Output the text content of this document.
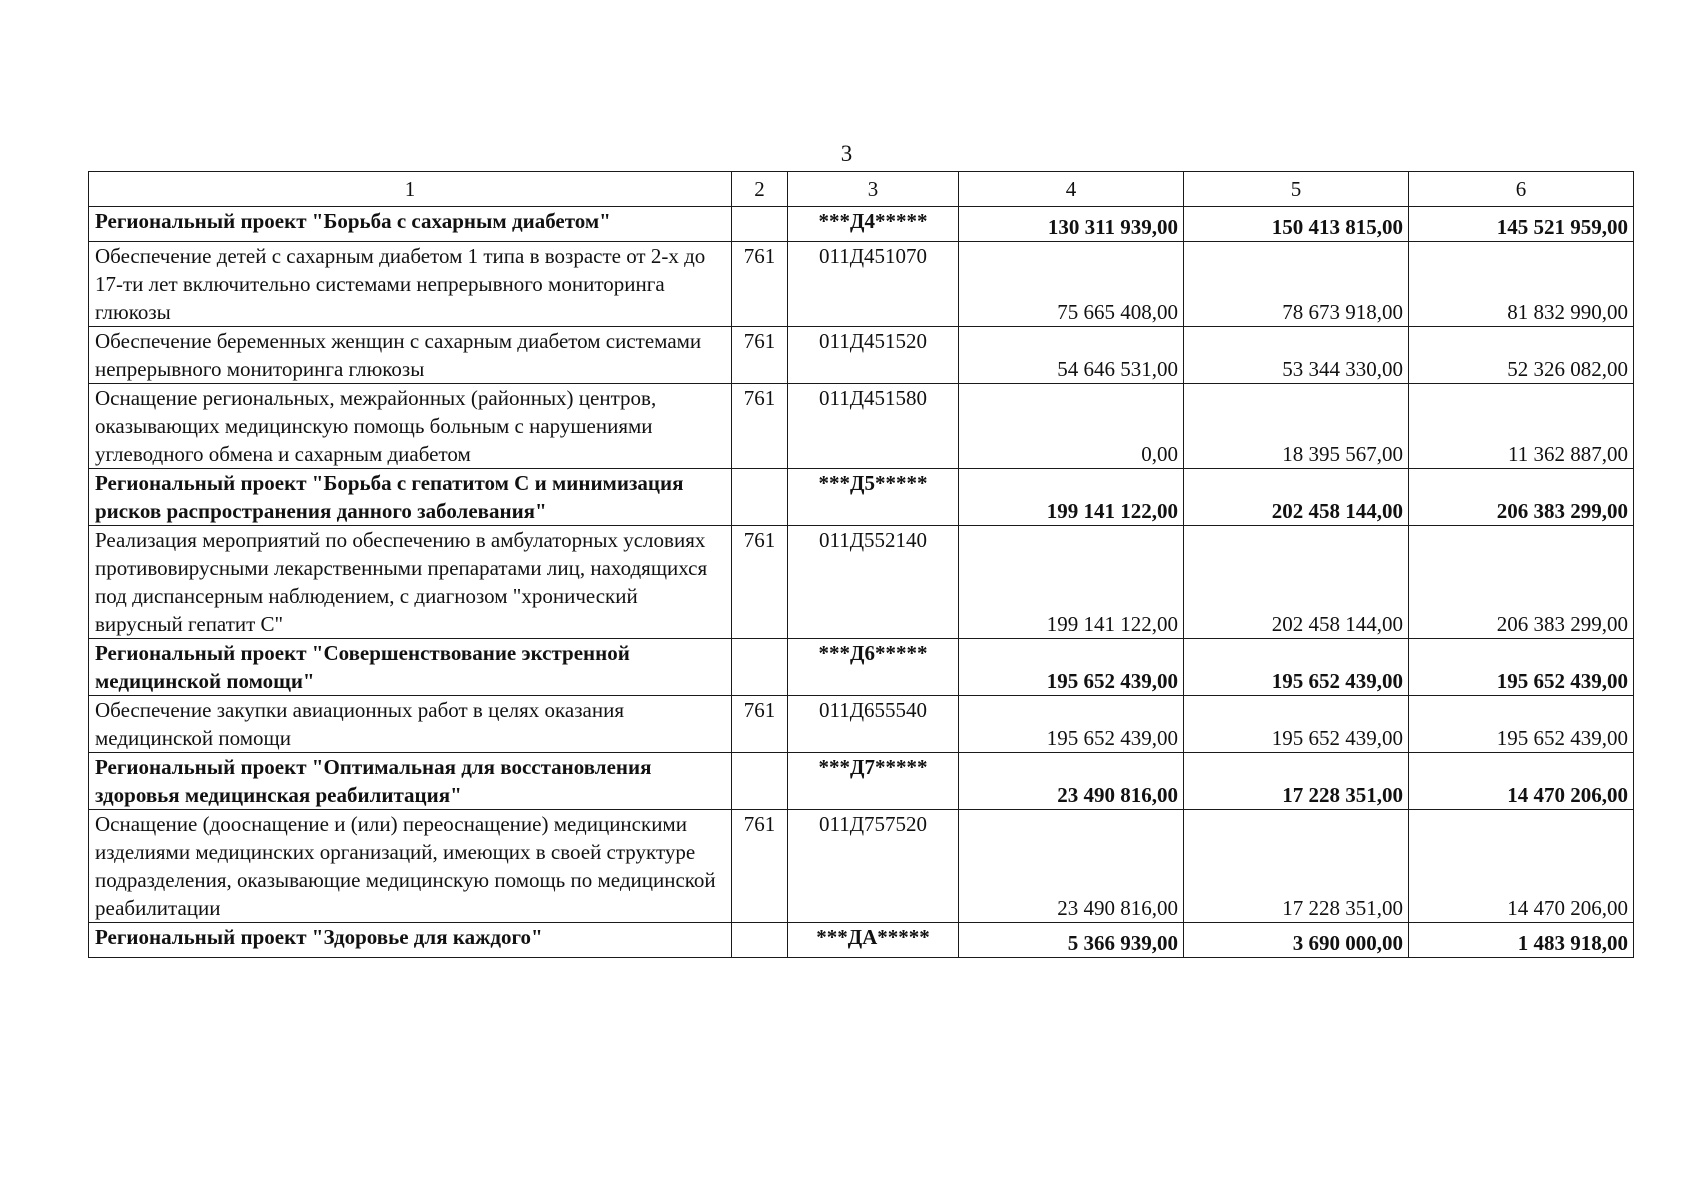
3
1	2	3	4	5	6
Региональный проект "Борьба с сахарным диабетом"		***Д4*****	130 311 939,00	150 413 815,00	145 521 959,00
Обеспечение детей с сахарным диабетом 1 типа в возрасте от 2-х до 17-ти лет включительно системами непрерывного мониторинга глюкозы	761	011Д451070	75 665 408,00	78 673 918,00	81 832 990,00
Обеспечение беременных женщин с сахарным диабетом системами непрерывного мониторинга глюкозы	761	011Д451520	54 646 531,00	53 344 330,00	52 326 082,00
Оснащение региональных, межрайонных (районных) центров, оказывающих медицинскую помощь больным с нарушениями углеводного обмена и сахарным диабетом	761	011Д451580	0,00	18 395 567,00	11 362 887,00
Региональный проект "Борьба с гепатитом С и минимизация рисков распространения данного заболевания"		***Д5*****	199 141 122,00	202 458 144,00	206 383 299,00
Реализация мероприятий по обеспечению в амбулаторных условиях противовирусными лекарственными препаратами лиц, находящихся под диспансерным наблюдением, с диагнозом "хронический вирусный гепатит С"	761	011Д552140	199 141 122,00	202 458 144,00	206 383 299,00
Региональный проект "Совершенствование экстренной медицинской помощи"		***Д6*****	195 652 439,00	195 652 439,00	195 652 439,00
Обеспечение закупки авиационных работ в целях оказания медицинской помощи	761	011Д655540	195 652 439,00	195 652 439,00	195 652 439,00
Региональный проект "Оптимальная для восстановления здоровья медицинская реабилитация"		***Д7*****	23 490 816,00	17 228 351,00	14 470 206,00
Оснащение (дооснащение и (или) переоснащение) медицинскими изделиями медицинских организаций, имеющих в своей структуре подразделения, оказывающие медицинскую помощь по медицинской реабилитации	761	011Д757520	23 490 816,00	17 228 351,00	14 470 206,00
Региональный проект "Здоровье для каждого"		***ДА*****	5 366 939,00	3 690 000,00	1 483 918,00
